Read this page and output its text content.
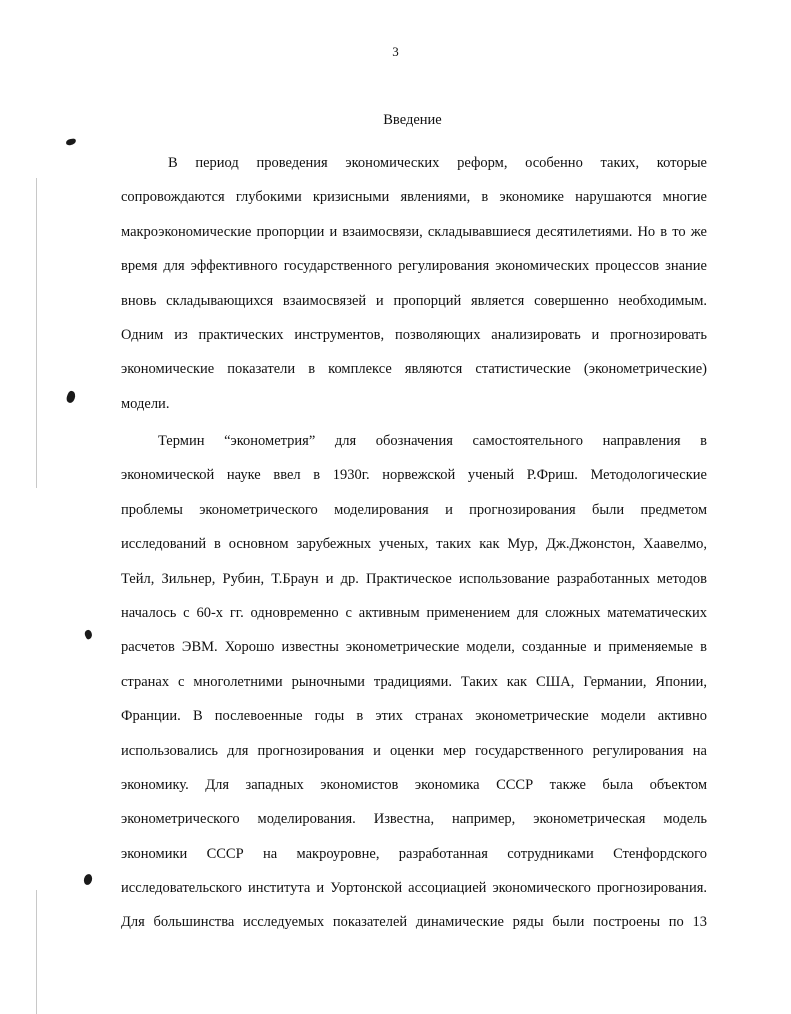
3
Введение
В период проведения экономических реформ, особенно таких, которые
сопровождаются глубокими кризисными явлениями, в экономике нарушаются многие
макроэкономические пропорции и взаимосвязи, складывавшиеся десятилетиями. Но в то же
время для эффективного государственного регулирования экономических процессов знание
вновь складывающихся взаимосвязей и пропорций является совершенно необходимым.
Одним из практических инструментов, позволяющих анализировать и прогнозировать
экономические показатели в комплексе являются статистические (эконометрические)
модели.
Термин “эконометрия” для обозначения самостоятельного направления в
экономической науке ввел в 1930г. норвежской ученый Р.Фриш. Методологические
проблемы эконометрического моделирования и прогнозирования были предметом
исследований в основном зарубежных ученых, таких как Мур, Дж.Джонстон, Хаавелмо,
Тейл, Зильнер, Рубин, Т.Браун и др. Практическое использование разработанных методов
началось с 60-х гг. одновременно с активным применением для сложных математических
расчетов ЭВМ. Хорошо известны эконометрические модели, созданные и применяемые в
странах с многолетними рыночными традициями. Таких как США, Германии, Японии,
Франции. В послевоенные годы в этих странах эконометрические модели активно
использовались для прогнозирования и оценки мер государственного регулирования на
экономику. Для западных экономистов экономика СССР также была объектом
эконометрического моделирования. Известна, например, эконометрическая модель
экономики СССР на макроуровне, разработанная сотрудниками Стенфордского
исследовательского института и Уортонской ассоциацией экономического прогнозирования.
Для большинства исследуемых показателей динамические ряды были построены по 13
